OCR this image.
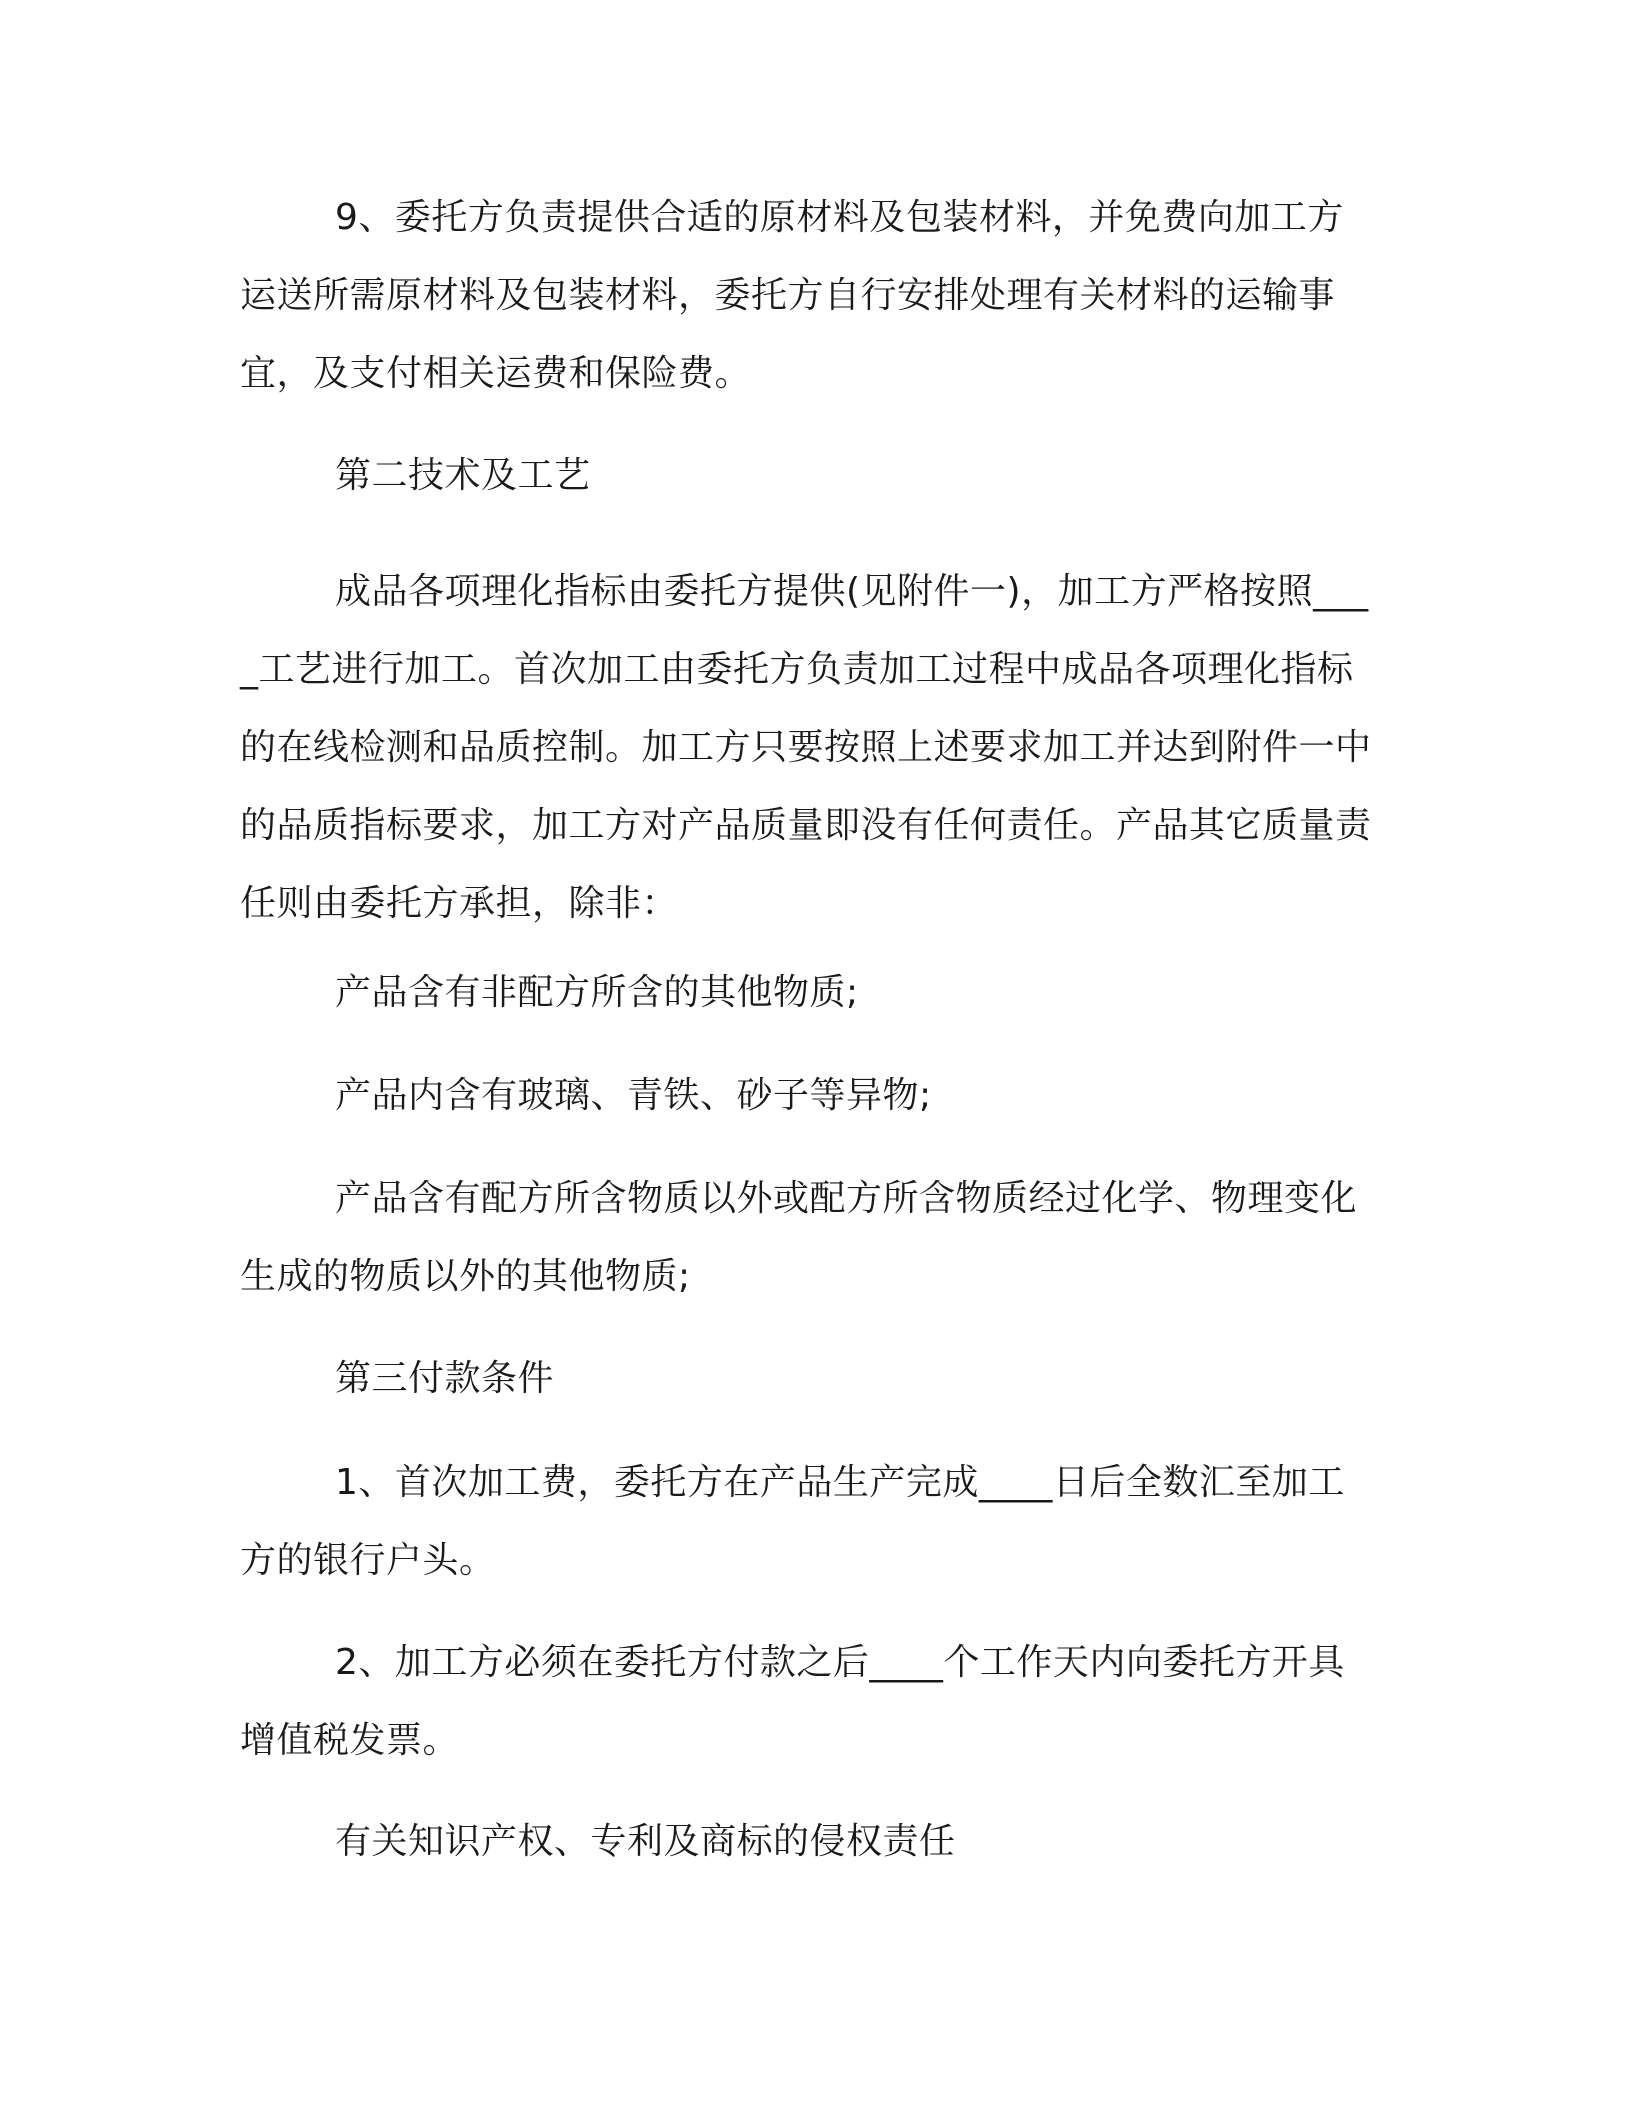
9、委托方负责提供合适的原材料及包装材料，并免费向加工方运送所需原材料及包装材料，委托方自行安排处理有关材料的运输事宜，及支付相关运费和保险费。

第二技术及工艺

成品各项理化指标由委托方提供(见附件一)，加工方严格按照____工艺进行加工。首次加工由委托方负责加工过程中成品各项理化指标的在线检测和品质控制。加工方只要按照上述要求加工并达到附件一中的品质指标要求，加工方对产品质量即没有任何责任。产品其它质量责任则由委托方承担，除非：

产品含有非配方所含的其他物质;

产品内含有玻璃、青铁、砂子等异物;

产品含有配方所含物质以外或配方所含物质经过化学、物理变化生成的物质以外的其他物质;

第三付款条件

1、首次加工费，委托方在产品生产完成____日后全数汇至加工方的银行户头。

2、加工方必须在委托方付款之后____个工作天内向委托方开具增值税发票。

有关知识产权、专利及商标的侵权责任
